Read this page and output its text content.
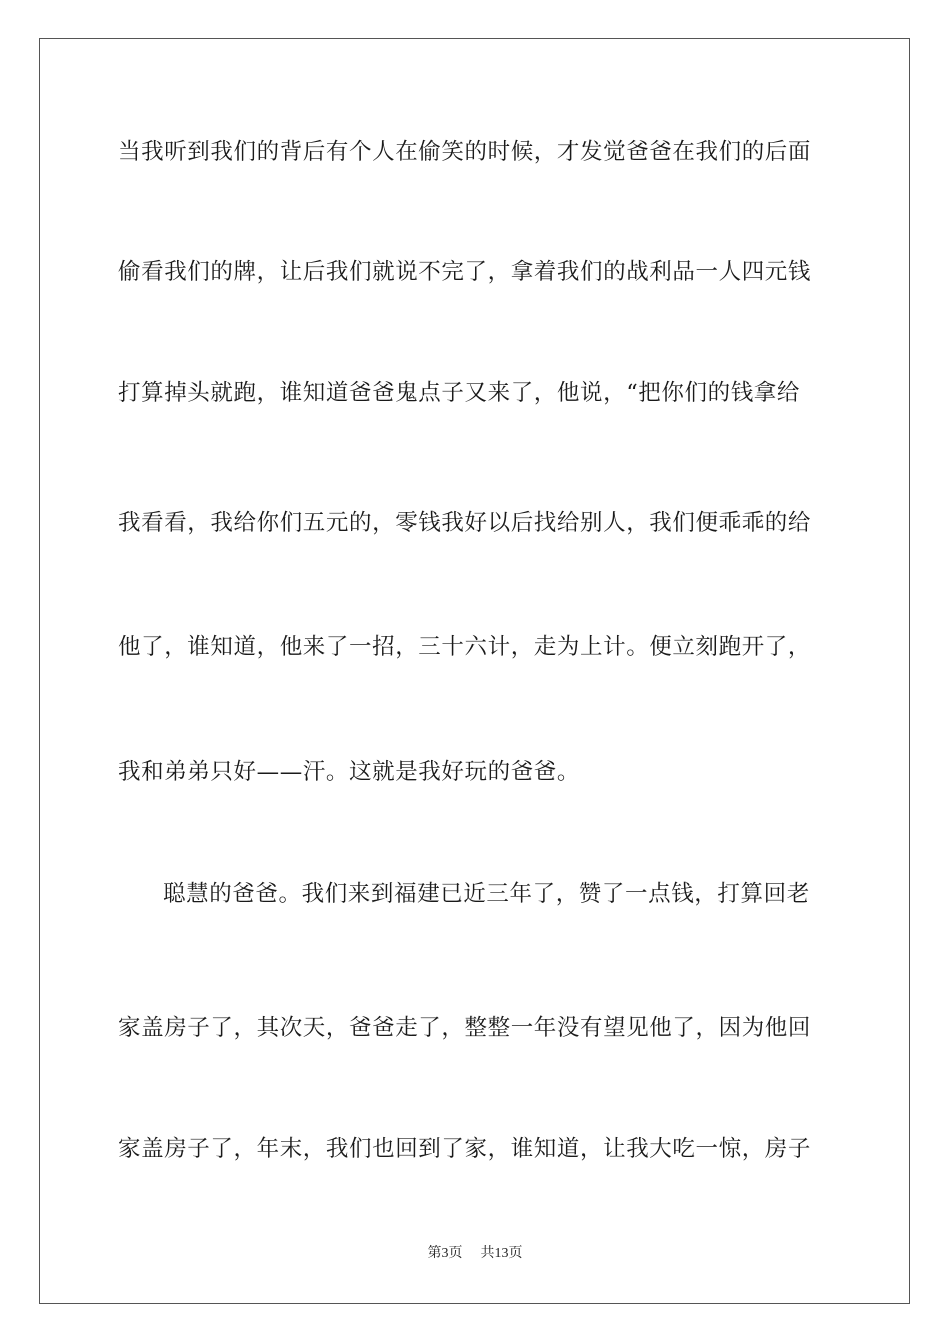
当我听到我们的背后有个人在偷笑的时候，才发觉爸爸在我们的后面
偷看我们的牌，让后我们就说不完了，拿着我们的战利品一人四元钱
打算掉头就跑，谁知道爸爸鬼点子又来了，他说，“把你们的钱拿给
我看看，我给你们五元的，零钱我好以后找给别人，我们便乖乖的给
他了，谁知道，他来了一招，三十六计，走为上计。便立刻跑开了，
我和弟弟只好——汗。这就是我好玩的爸爸。
聪慧的爸爸。我们来到福建已近三年了，赞了一点钱，打算回老
家盖房子了，其次天，爸爸走了，整整一年没有望见他了，因为他回
家盖房子了，年末，我们也回到了家，谁知道，让我大吃一惊，房子
第3页 共13页
